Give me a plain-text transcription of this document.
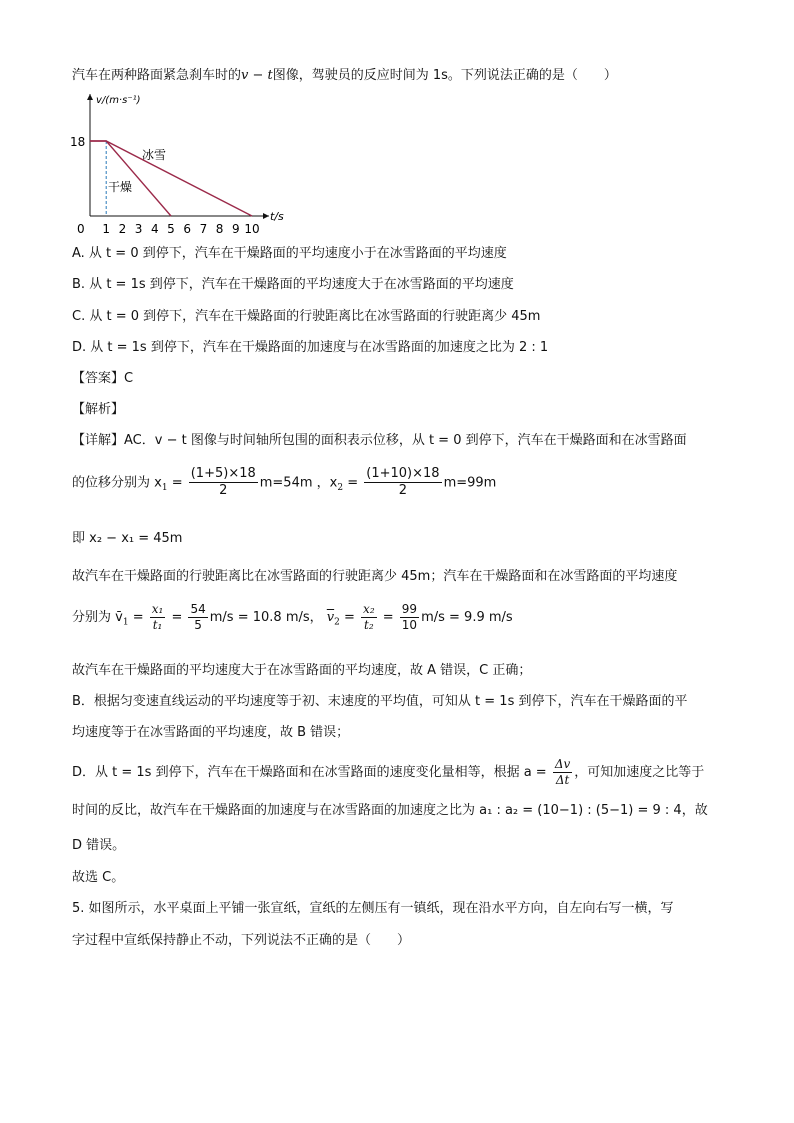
汽车在两种路面紧急刹车时的v − t图像，驾驶员的反应时间为 1s。下列说法正确的是（　　）
v/(m·s⁻¹)
t/s
18
0 1 2 3 4 5 6 7 8 9 10
冰雪
干燥
A. 从 t = 0 到停下，汽车在干燥路面的平均速度小于在冰雪路面的平均速度
B. 从 t = 1s 到停下，汽车在干燥路面的平均速度大于在冰雪路面的平均速度
C. 从 t = 0 到停下，汽车在干燥路面的行驶距离比在冰雪路面的行驶距离少 45m
D. 从 t = 1s 到停下，汽车在干燥路面的加速度与在冰雪路面的加速度之比为 2 : 1
【答案】C
【解析】
【详解】AC．v − t 图像与时间轴所包围的面积表示位移，从 t = 0 到停下，汽车在干燥路面和在冰雪路面
的位移分别为 $x_1 = \frac{(1+5)\times 18}{2} m=54m$ ，$x_2 = \frac{(1+10)\times 18}{2} m=99m$
即 x₂ − x₁ = 45m
故汽车在干燥路面的行驶距离比在冰雪路面的行驶距离少 45m；汽车在干燥路面和在冰雪路面的平均速度
分别为 $v̄_1 = \frac{\text{x₁}}{\text{t₁}} = \frac{54}{5} m/s = 10.8$ m/s， $\overline{v}_2 = \frac{\text{x₂}}{\text{t₂}} = \frac{99}{10} m/s = 9.9$ m/s
故汽车在干燥路面的平均速度大于在冰雪路面的平均速度，故 A 错误，C 正确；
B．根据匀变速直线运动的平均速度等于初、末速度的平均值，可知从 t = 1s 到停下，汽车在干燥路面的平
均速度等于在冰雪路面的平均速度，故 B 错误；
D．从 t = 1s 到停下，汽车在干燥路面和在冰雪路面的速度变化量相等，根据 $a = \frac{\Delta v}{\Delta t}$ ，可知加速度之比等于
时间的反比，故汽车在干燥路面的加速度与在冰雪路面的加速度之比为 a₁ : a₂ = (10−1) : (5−1) = 9 : 4，故
D 错误。
故选 C。
5. 如图所示，水平桌面上平铺一张宣纸，宣纸的左侧压有一镇纸，现在沿水平方向，自左向右写一横，写
字过程中宣纸保持静止不动，下列说法不正确的是（　　）
